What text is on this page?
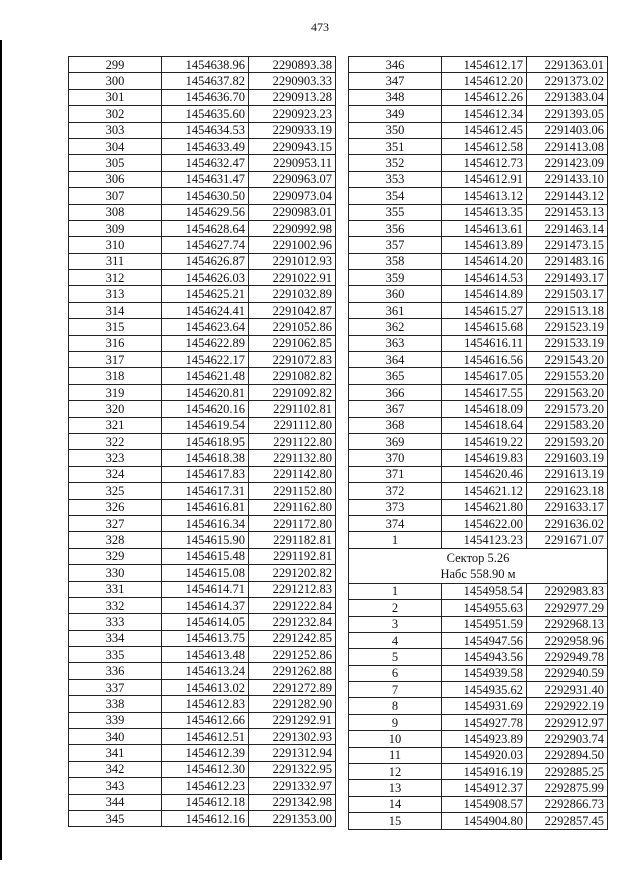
473
299	1454638.96	2290893.38
300	1454637.82	2290903.33
301	1454636.70	2290913.28
302	1454635.60	2290923.23
303	1454634.53	2290933.19
304	1454633.49	2290943.15
305	1454632.47	2290953.11
306	1454631.47	2290963.07
307	1454630.50	2290973.04
308	1454629.56	2290983.01
309	1454628.64	2290992.98
310	1454627.74	2291002.96
311	1454626.87	2291012.93
312	1454626.03	2291022.91
313	1454625.21	2291032.89
314	1454624.41	2291042.87
315	1454623.64	2291052.86
316	1454622.89	2291062.85
317	1454622.17	2291072.83
318	1454621.48	2291082.82
319	1454620.81	2291092.82
320	1454620.16	2291102.81
321	1454619.54	2291112.80
322	1454618.95	2291122.80
323	1454618.38	2291132.80
324	1454617.83	2291142.80
325	1454617.31	2291152.80
326	1454616.81	2291162.80
327	1454616.34	2291172.80
328	1454615.90	2291182.81
329	1454615.48	2291192.81
330	1454615.08	2291202.82
331	1454614.71	2291212.83
332	1454614.37	2291222.84
333	1454614.05	2291232.84
334	1454613.75	2291242.85
335	1454613.48	2291252.86
336	1454613.24	2291262.88
337	1454613.02	2291272.89
338	1454612.83	2291282.90
339	1454612.66	2291292.91
340	1454612.51	2291302.93
341	1454612.39	2291312.94
342	1454612.30	2291322.95
343	1454612.23	2291332.97
344	1454612.18	2291342.98
345	1454612.16	2291353.00
346	1454612.17	2291363.01
347	1454612.20	2291373.02
348	1454612.26	2291383.04
349	1454612.34	2291393.05
350	1454612.45	2291403.06
351	1454612.58	2291413.08
352	1454612.73	2291423.09
353	1454612.91	2291433.10
354	1454613.12	2291443.12
355	1454613.35	2291453.13
356	1454613.61	2291463.14
357	1454613.89	2291473.15
358	1454614.20	2291483.16
359	1454614.53	2291493.17
360	1454614.89	2291503.17
361	1454615.27	2291513.18
362	1454615.68	2291523.19
363	1454616.11	2291533.19
364	1454616.56	2291543.20
365	1454617.05	2291553.20
366	1454617.55	2291563.20
367	1454618.09	2291573.20
368	1454618.64	2291583.20
369	1454619.22	2291593.20
370	1454619.83	2291603.19
371	1454620.46	2291613.19
372	1454621.12	2291623.18
373	1454621.80	2291633.17
374	1454622.00	2291636.02
1	1454123.23	2291671.07

Сектор 5.26
Набс 558.90 м		

1	1454958.54	2292983.83
2	1454955.63	2292977.29
3	1454951.59	2292968.13
4	1454947.56	2292958.96
5	1454943.56	2292949.78
6	1454939.58	2292940.59
7	1454935.62	2292931.40
8	1454931.69	2292922.19
9	1454927.78	2292912.97
10	1454923.89	2292903.74
11	1454920.03	2292894.50
12	1454916.19	2292885.25
13	1454912.37	2292875.99
14	1454908.57	2292866.73
15	1454904.80	2292857.45
